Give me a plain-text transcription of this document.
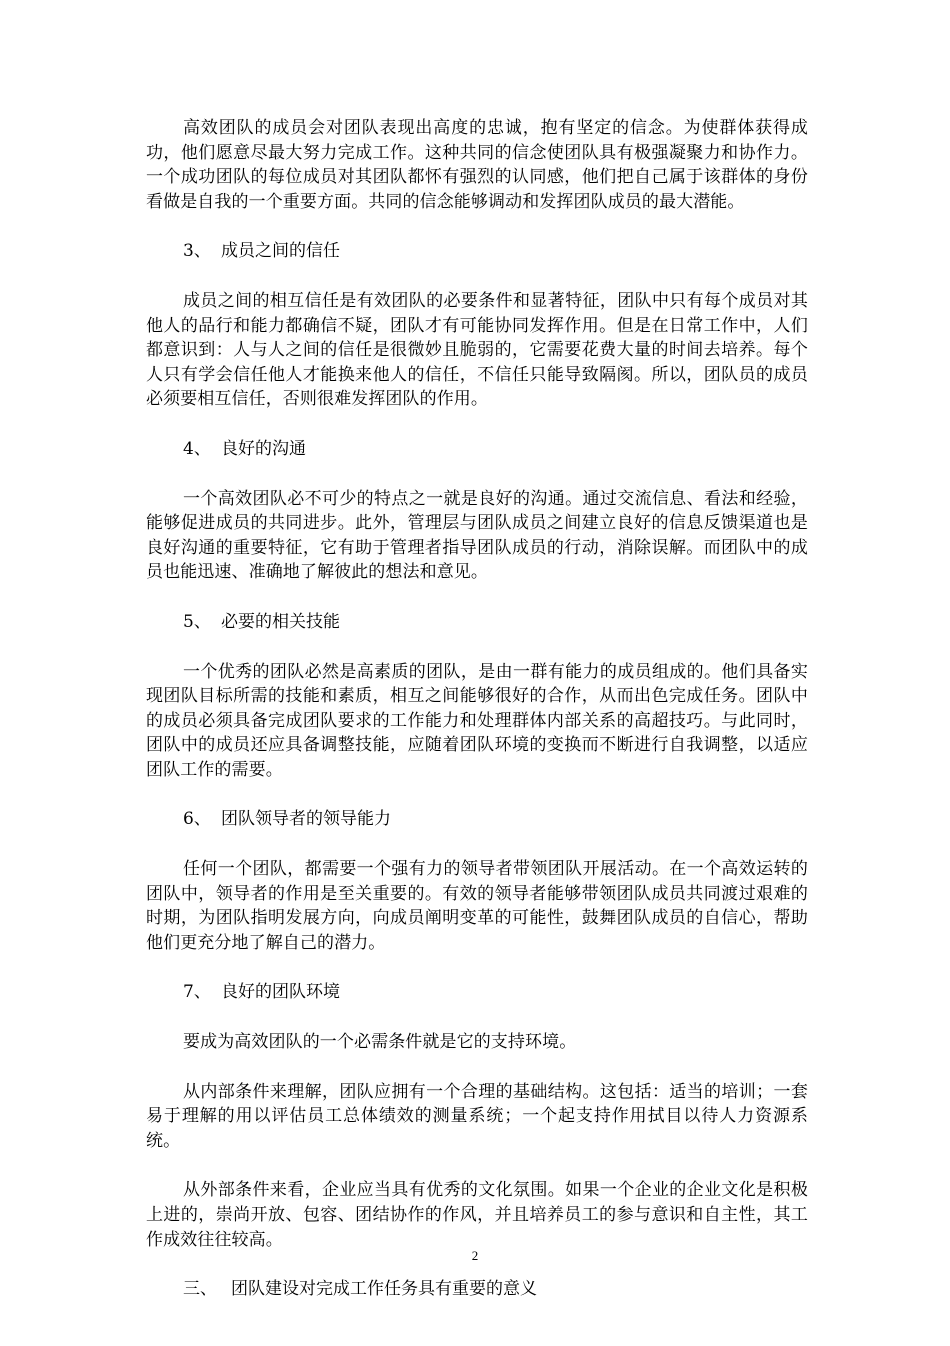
高效团队的成员会对团队表现出高度的忠诚，抱有坚定的信念。为使群体获得成功，他们愿意尽最大努力完成工作。这种共同的信念使团队具有极强凝聚力和协作力。一个成功团队的每位成员对其团队都怀有强烈的认同感，他们把自己属于该群体的身份看做是自我的一个重要方面。共同的信念能够调动和发挥团队成员的最大潜能。

3、 成员之间的信任

成员之间的相互信任是有效团队的必要条件和显著特征，团队中只有每个成员对其他人的品行和能力都确信不疑，团队才有可能协同发挥作用。但是在日常工作中，人们都意识到：人与人之间的信任是很微妙且脆弱的，它需要花费大量的时间去培养。每个人只有学会信任他人才能换来他人的信任，不信任只能导致隔阂。所以，团队员的成员必须要相互信任，否则很难发挥团队的作用。

4、 良好的沟通

一个高效团队必不可少的特点之一就是良好的沟通。通过交流信息、看法和经验，能够促进成员的共同进步。此外，管理层与团队成员之间建立良好的信息反馈渠道也是良好沟通的重要特征，它有助于管理者指导团队成员的行动，消除误解。而团队中的成员也能迅速、准确地了解彼此的想法和意见。

5、 必要的相关技能

一个优秀的团队必然是高素质的团队，是由一群有能力的成员组成的。他们具备实现团队目标所需的技能和素质，相互之间能够很好的合作，从而出色完成任务。团队中的成员必须具备完成团队要求的工作能力和处理群体内部关系的高超技巧。与此同时，团队中的成员还应具备调整技能，应随着团队环境的变换而不断进行自我调整，以适应团队工作的需要。

6、 团队领导者的领导能力

任何一个团队，都需要一个强有力的领导者带领团队开展活动。在一个高效运转的团队中，领导者的作用是至关重要的。有效的领导者能够带领团队成员共同渡过艰难的时期，为团队指明发展方向，向成员阐明变革的可能性，鼓舞团队成员的自信心，帮助他们更充分地了解自己的潜力。

7、 良好的团队环境

要成为高效团队的一个必需条件就是它的支持环境。

从内部条件来理解，团队应拥有一个合理的基础结构。这包括：适当的培训；一套易于理解的用以评估员工总体绩效的测量系统；一个起支持作用拭目以待人力资源系统。

从外部条件来看，企业应当具有优秀的文化氛围。如果一个企业的企业文化是积极上进的，崇尚开放、包容、团结协作的作风，并且培养员工的参与意识和自主性，其工作成效往往较高。

三、 团队建设对完成工作任务具有重要的意义
2
